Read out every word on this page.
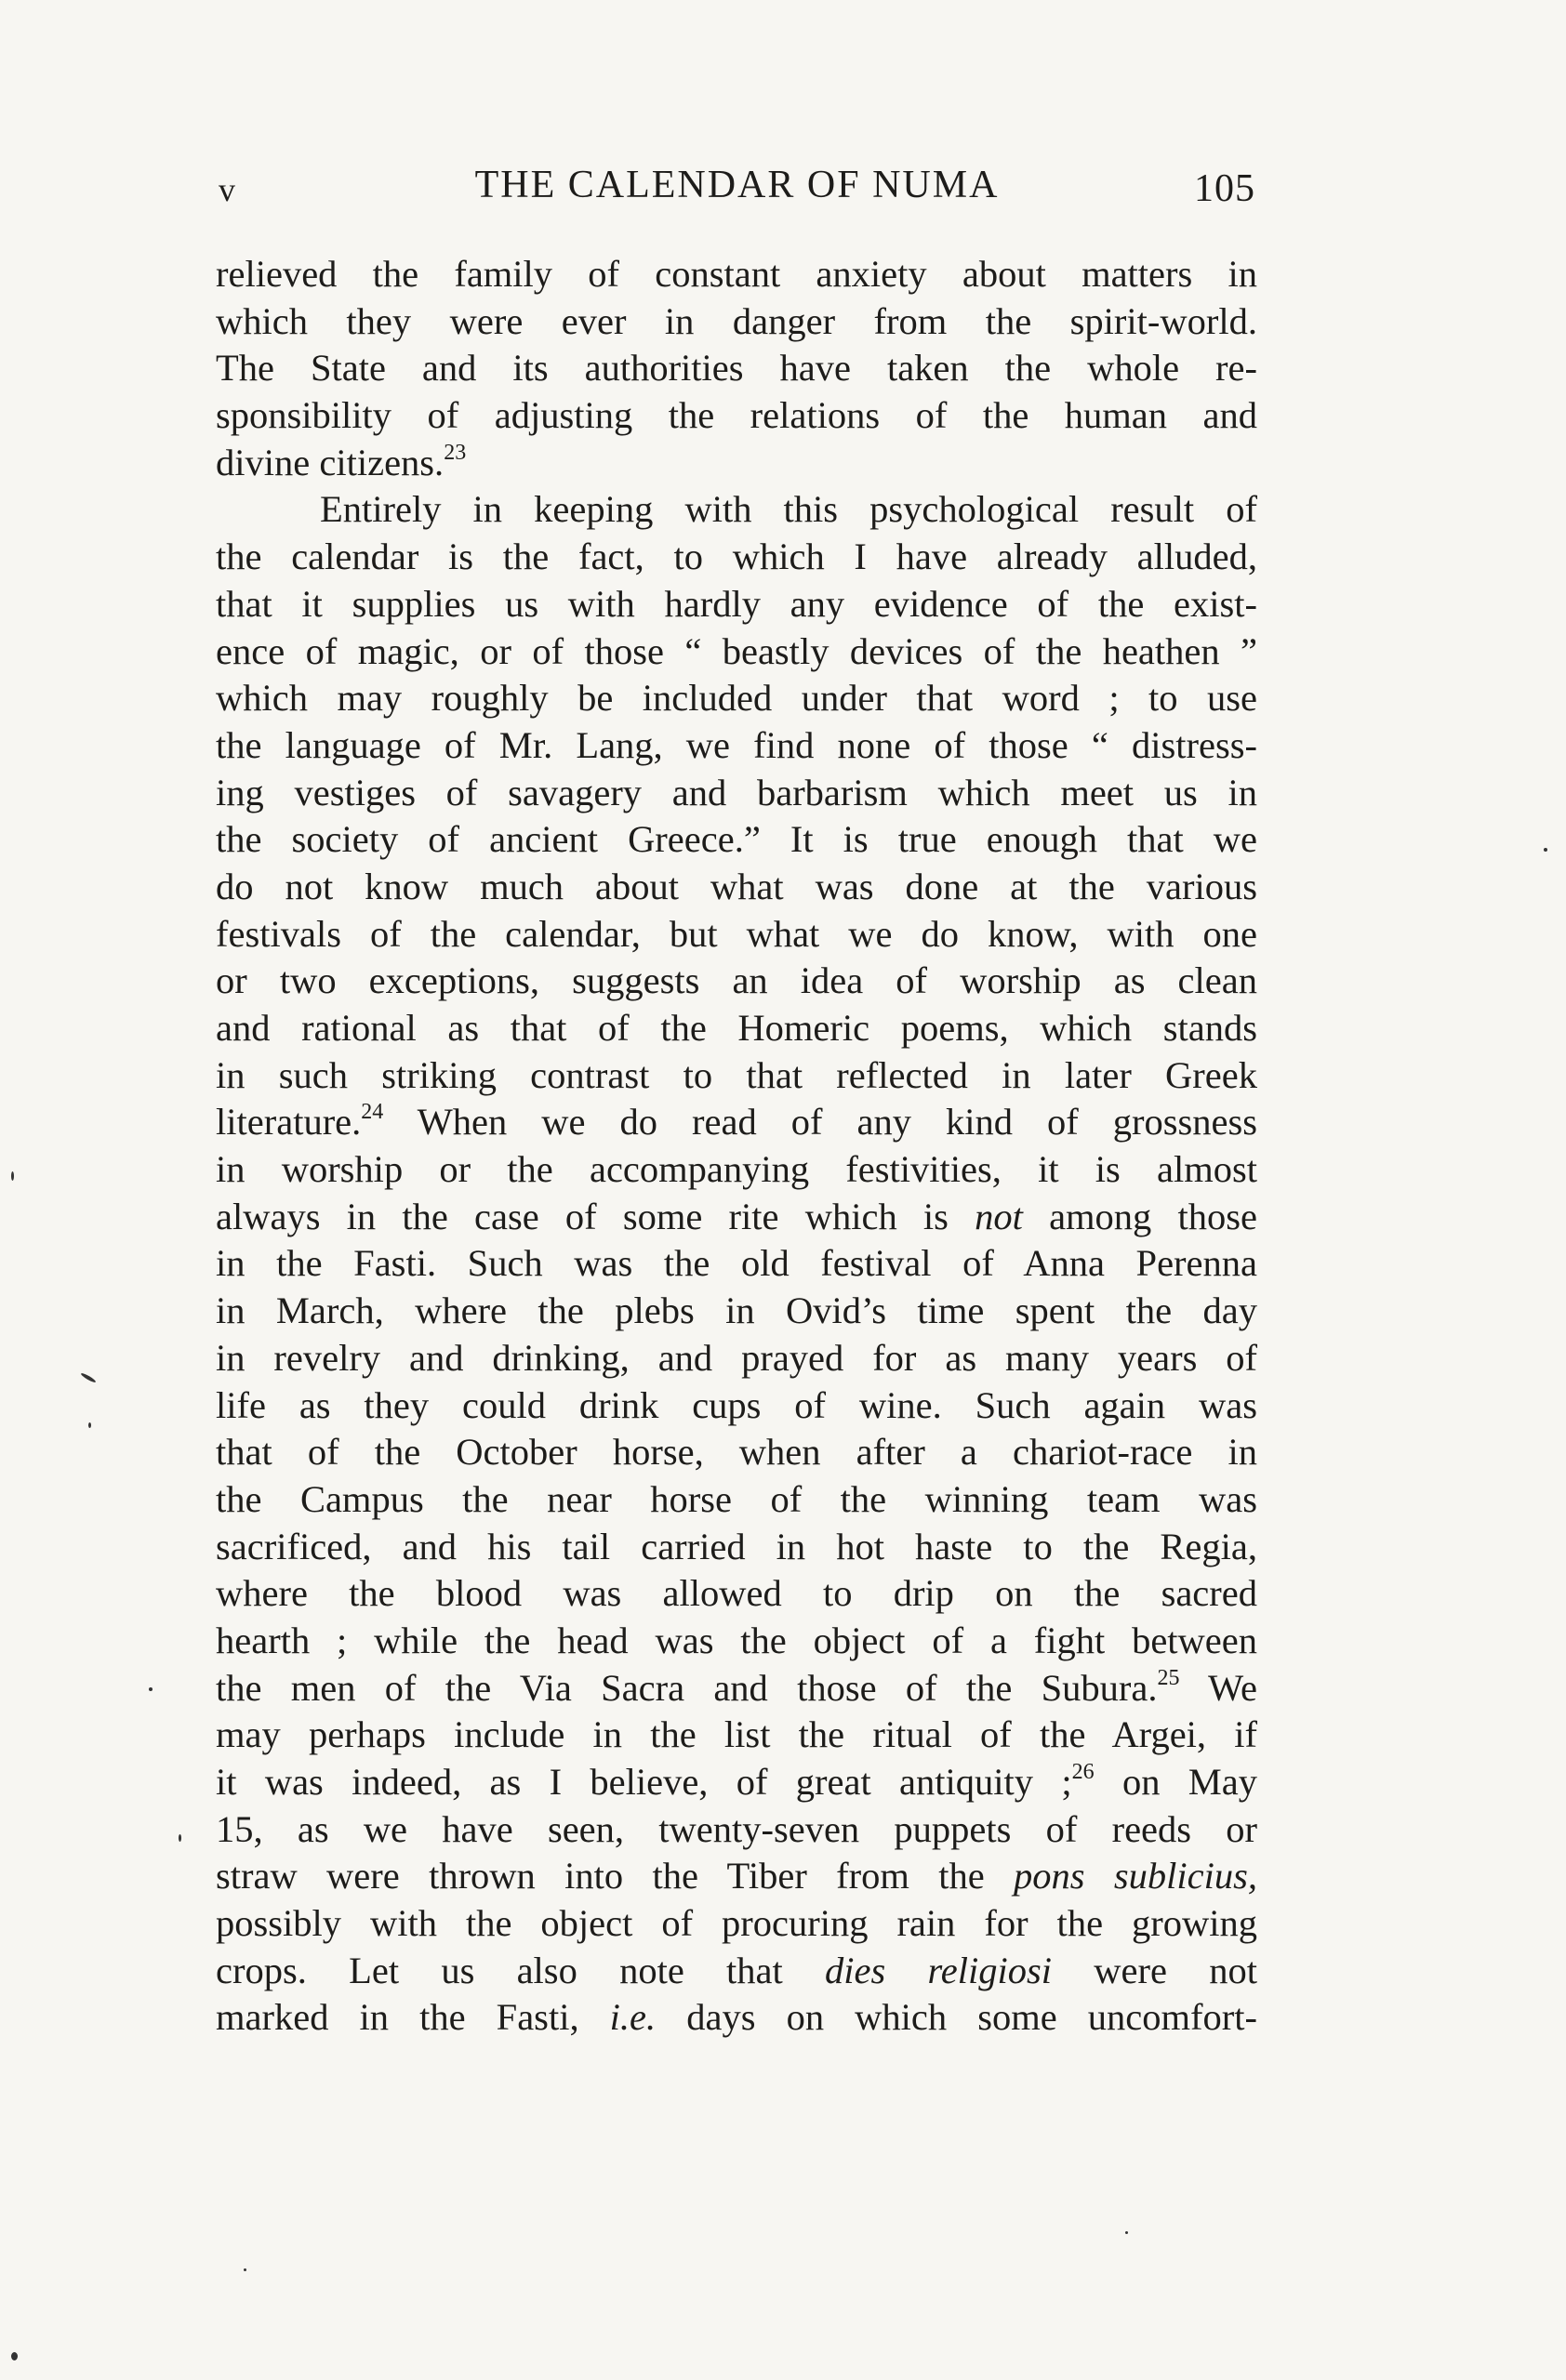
v	THE CALENDAR OF NUMA	105
relieved the family of constant anxiety about matters in
which they were ever in danger from the spirit-world.
The State and its authorities have taken the whole re-
sponsibility of adjusting the relations of the human and
divine citizens.$^{23}$
Entirely in keeping with this psychological result of
the calendar is the fact, to which I have already alluded,
that it supplies us with hardly any evidence of the exist-
ence of magic, or of those “ beastly devices of the heathen ”
which may roughly be included under that word ; to use
the language of Mr. Lang, we find none of those “ distress-
ing vestiges of savagery and barbarism which meet us in
the society of ancient Greece.” It is true enough that we
do not know much about what was done at the various
festivals of the calendar, but what we do know, with one
or two exceptions, suggests an idea of worship as clean
and rational as that of the Homeric poems, which stands
in such striking contrast to that reflected in later Greek
literature.$^{24}$ When we do read of any kind of grossness
in worship or the accompanying festivities, it is almost
always in the case of some rite which is not among those
in the Fasti. Such was the old festival of Anna Perenna
in March, where the plebs in Ovid’s time spent the day
in revelry and drinking, and prayed for as many years of
life as they could drink cups of wine. Such again was
that of the October horse, when after a chariot-race in
the Campus the near horse of the winning team was
sacrificed, and his tail carried in hot haste to the Regia,
where the blood was allowed to drip on the sacred
hearth ; while the head was the object of a fight between
the men of the Via Sacra and those of the Subura.$^{25}$ We
may perhaps include in the list the ritual of the Argei, if
it was indeed, as I believe, of great antiquity ;$^{26}$ on May
15, as we have seen, twenty-seven puppets of reeds or
straw were thrown into the Tiber from the pons sublicius,
possibly with the object of procuring rain for the growing
crops. Let us also note that dies religiosi were not
marked in the Fasti, i.e. days on which some uncomfort-
